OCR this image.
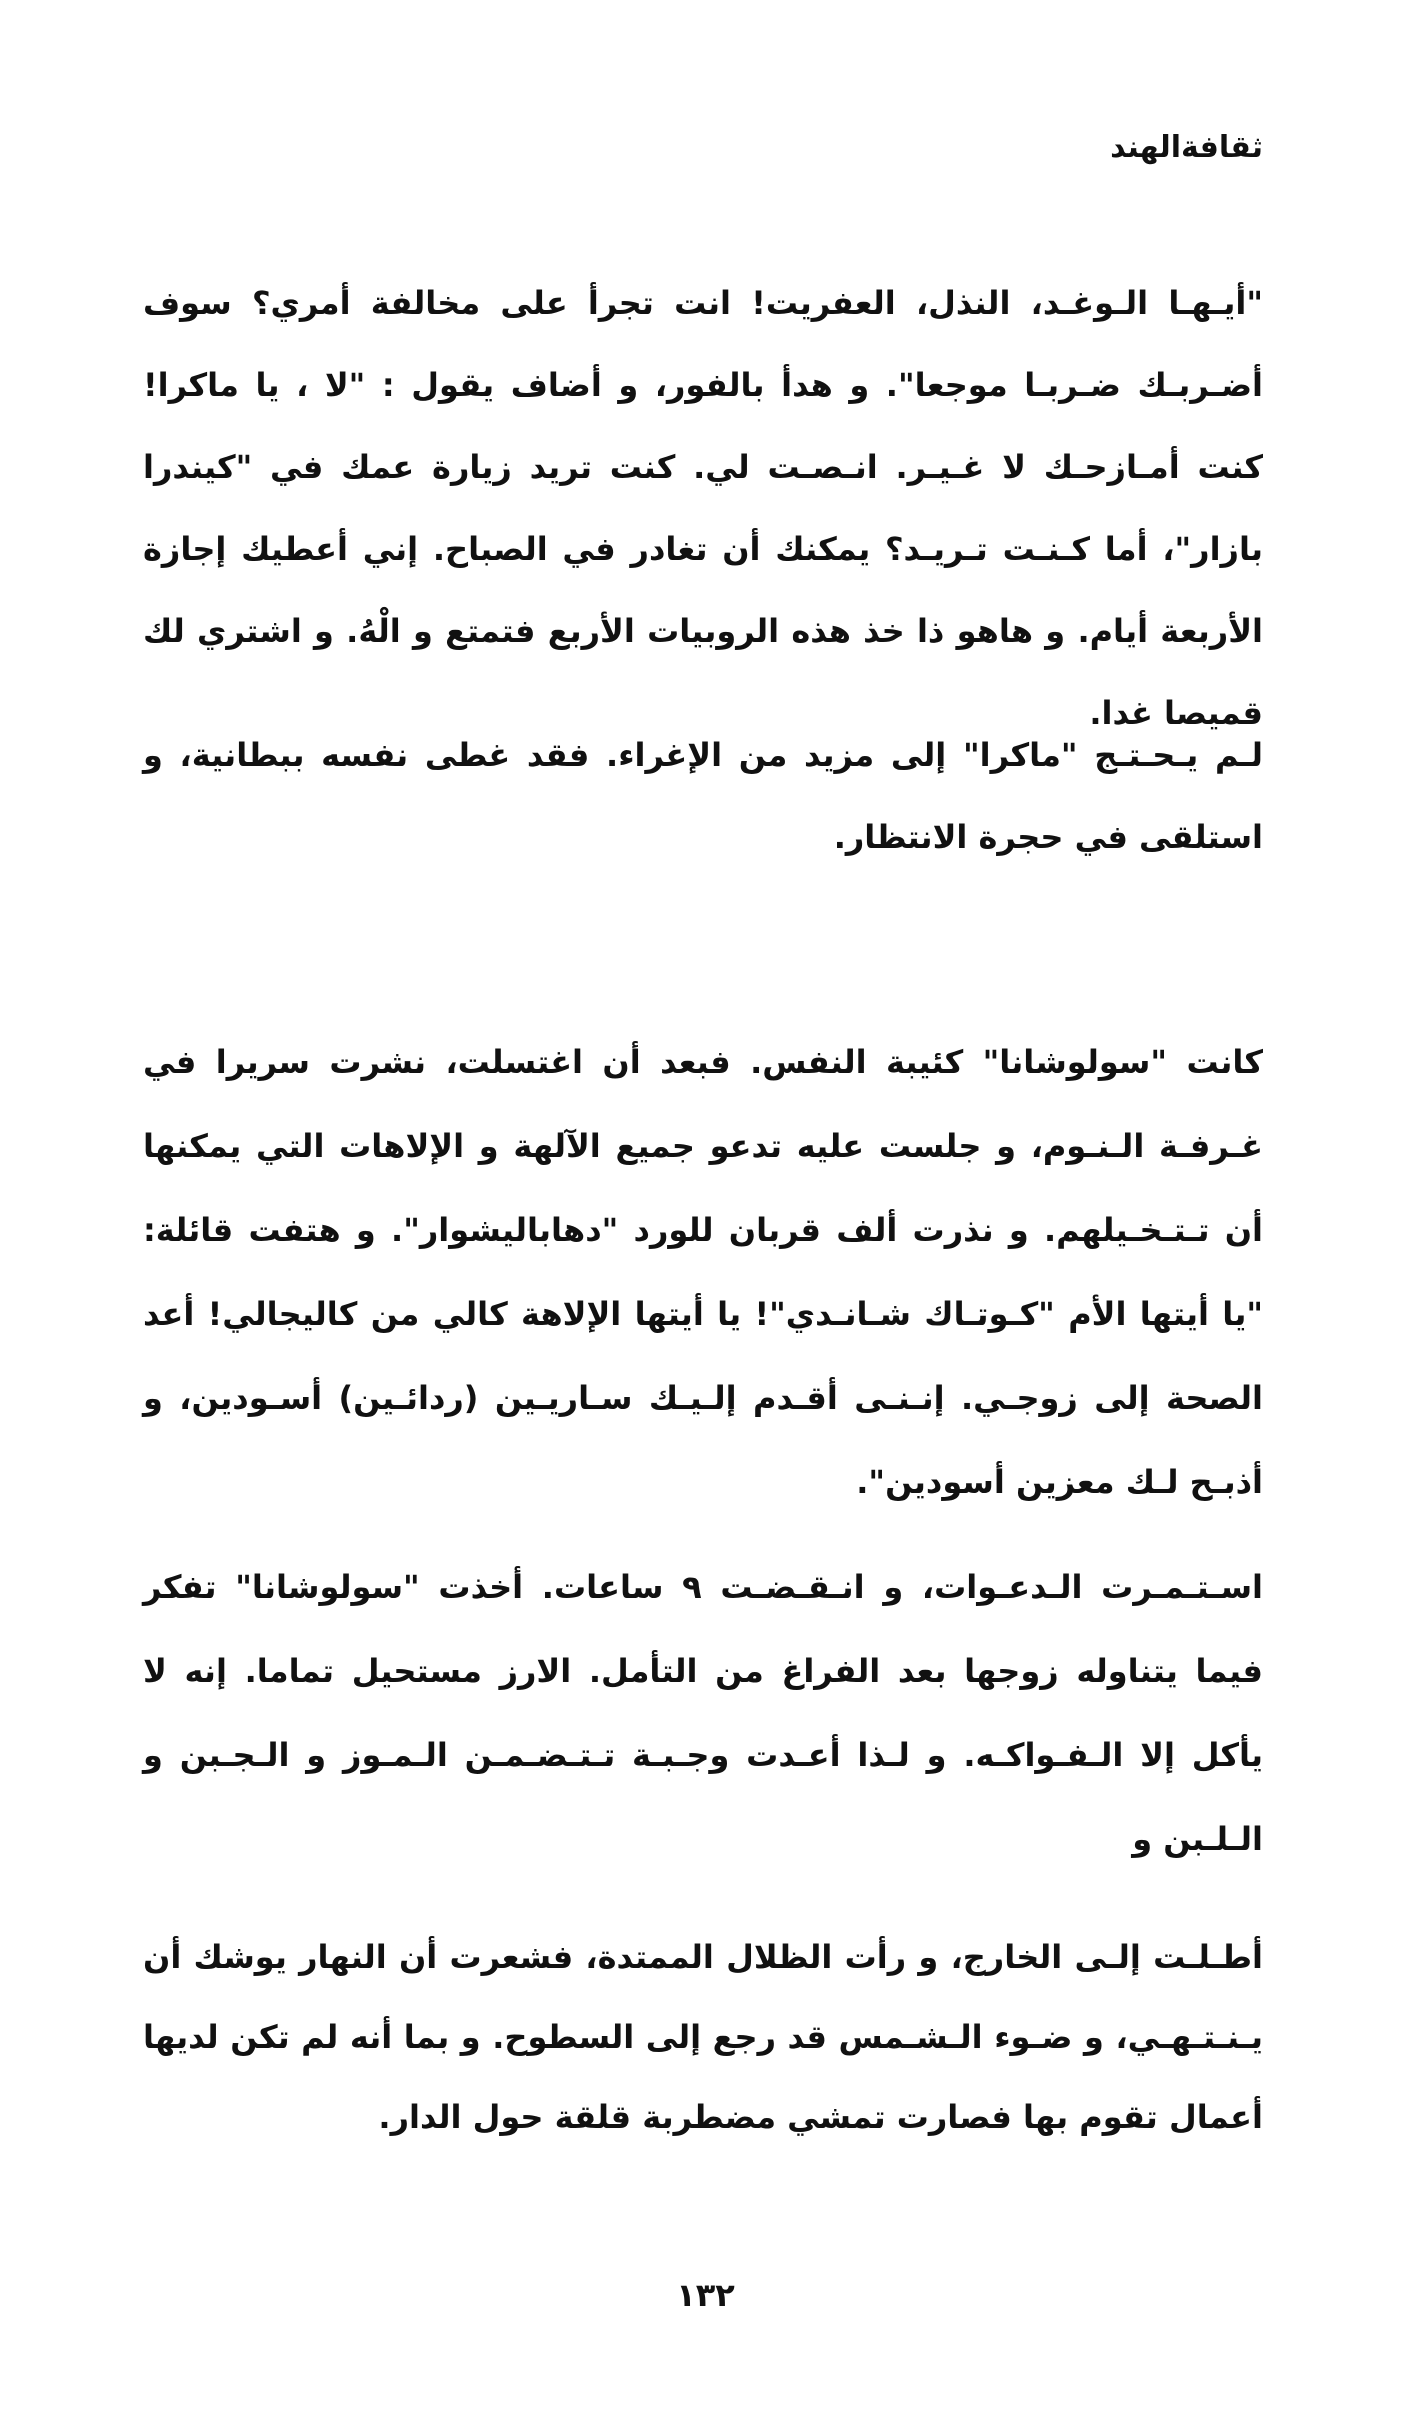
ثقافةالهند

"أيـهـا الـوغـد، النذل، العفريت! انت تجرأ على مخالفة أمري؟ سوف أضـربـك ضـربـا موجعا". و هدأ بالفور، و أضاف يقول : "لا ، يا ماكرا! كنت أمـازحـك لا غـيـر. انـصـت لي. كنت تريد زيارة عمك في "كيندرا بازار"، أما كـنـت تـريـد؟ يمكنك أن تغادر في الصباح. إني أعطيك إجازة الأربعة أيام. و هاهو ذا خذ هذه الروبيات الأربع فتمتع و الْهُ. و اشتري لك قميصا غدا.

لـم يـحـتـج "ماكرا" إلى مزيد من الإغراء. فقد غطى نفسه ببطانية، و استلقى في حجرة الانتظار.

كانت "سولوشانا" كئيبة النفس. فبعد أن اغتسلت، نشرت سريرا في غـرفـة الـنـوم، و جلست عليه تدعو جميع الآلهة و الإلاهات التي يمكنها أن تـتـخـيلهم. و نذرت ألف قربان للورد "دهاباليشوار". و هتفت قائلة: "يا أيتها الأم "كـوتـاك شـانـدي"! يا أيتها الإلاهة كالي من كاليجالي! أعد الصحة إلى زوجـي. إنـنـى أقـدم إلـيـك سـاريـين (ردائـين) أسـودين، و أذبـح لـك معزين أسودين".

اسـتـمـرت الـدعـوات، و انـقـضـت ٩ ساعات. أخذت "سولوشانا" تفكر فيما يتناوله زوجها بعد الفراغ من التأمل. الارز مستحيل تماما. إنه لا يأكل إلا الـفـواكـه. و لـذا أعـدت وجـبـة تـتـضـمـن الـمـوز و الـجـبن و الـلـبن و

أطـلـت إلـى الخارج، و رأت الظلال الممتدة، فشعرت أن النهار يوشك أن يـنـتـهـي، و ضـوء الـشـمس قد رجع إلى السطوح. و بما أنه لم تكن لديها أعمال تقوم بها فصارت تمشي مضطربة قلقة حول الدار.

١٣٢
